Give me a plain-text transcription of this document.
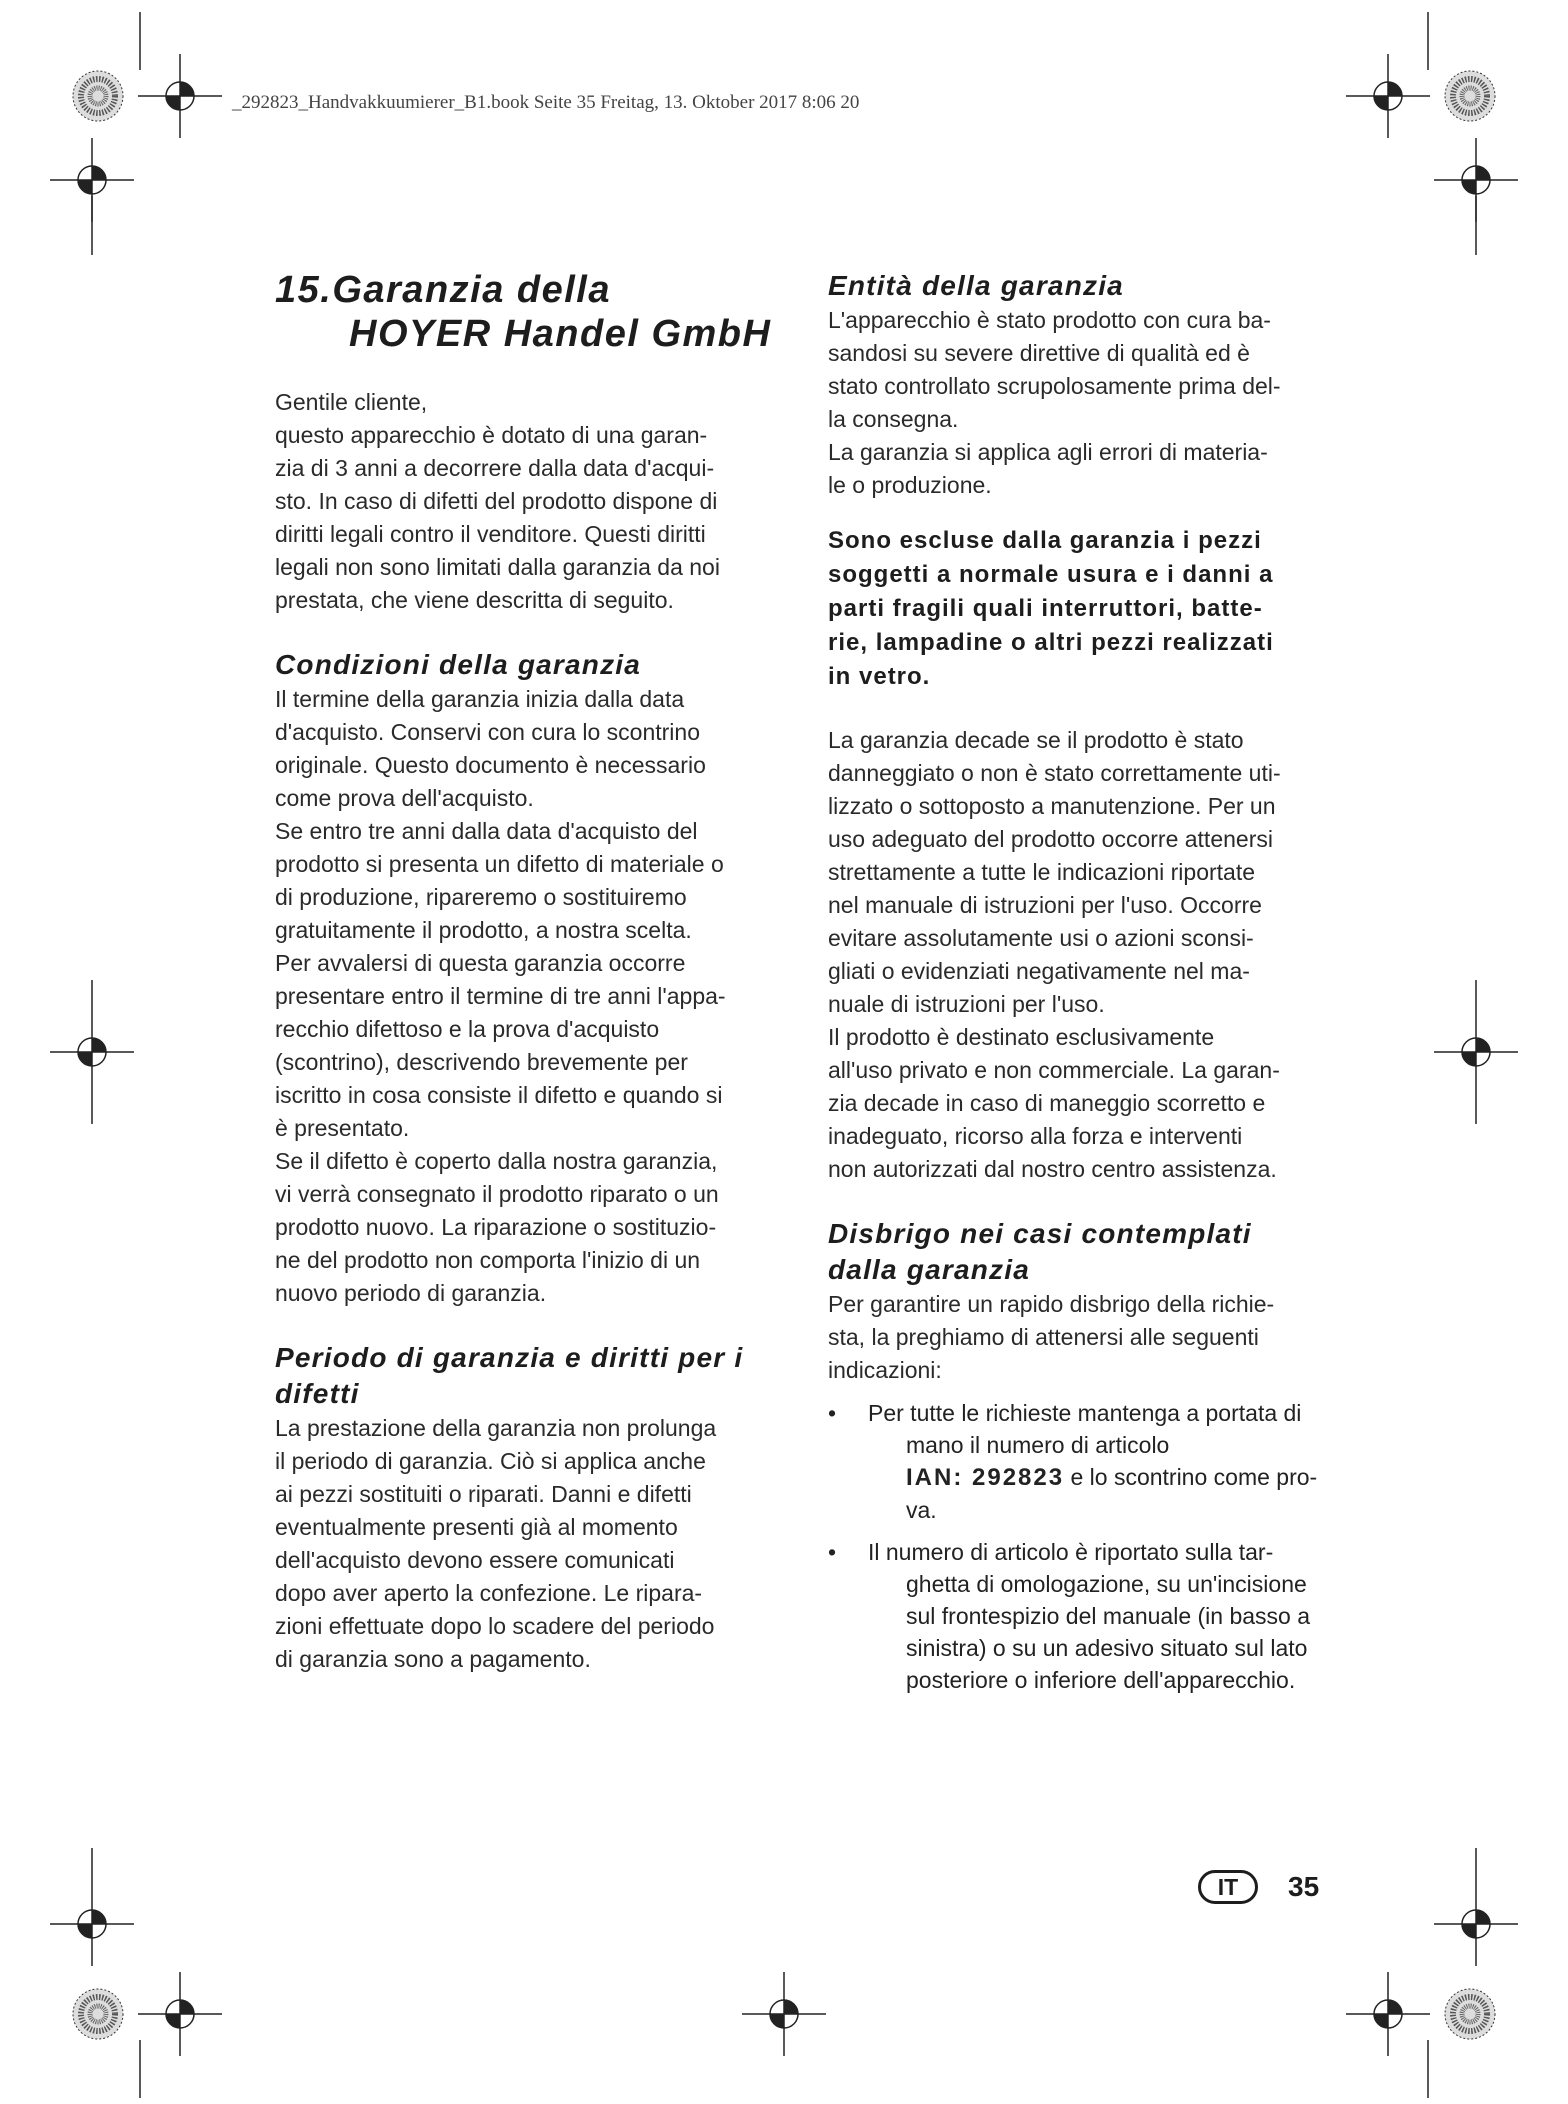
_292823_Handvakkuumierer_B1.book Seite 35 Freitag, 13. Oktober 2017 8:06 20
15.Garanzia della
HOYER Handel GmbH

Gentile cliente,

questo apparecchio è dotato di una garan-

zia di 3 anni a decorrere dalla data d'acqui-

sto. In caso di difetti del prodotto dispone di

diritti legali contro il venditore. Questi diritti

legali non sono limitati dalla garanzia da noi

prestata, che viene descritta di seguito.

Condizioni della garanzia

Il termine della garanzia inizia dalla data

d'acquisto. Conservi con cura lo scontrino

originale. Questo documento è necessario

come prova dell'acquisto.

Se entro tre anni dalla data d'acquisto del

prodotto si presenta un difetto di materiale o

di produzione, ripareremo o sostituiremo

gratuitamente il prodotto, a nostra scelta.

Per avvalersi di questa garanzia occorre

presentare entro il termine di tre anni l'appa-

recchio difettoso e la prova d'acquisto

(scontrino), descrivendo brevemente per

iscritto in cosa consiste il difetto e quando si

è presentato.

Se il difetto è coperto dalla nostra garanzia,

vi verrà consegnato il prodotto riparato o un

prodotto nuovo. La riparazione o sostituzio-

ne del prodotto non comporta l'inizio di un

nuovo periodo di garanzia.

Periodo di garanzia e diritti per i
difetti

La prestazione della garanzia non prolunga

il periodo di garanzia. Ciò si applica anche

ai pezzi sostituiti o riparati. Danni e difetti

eventualmente presenti già al momento

dell'acquisto devono essere comunicati

dopo aver aperto la confezione. Le ripara-

zioni effettuate dopo lo scadere del periodo

di garanzia sono a pagamento.

Entità della garanzia

L'apparecchio è stato prodotto con cura ba-

sandosi su severe direttive di qualità ed è

stato controllato scrupolosamente prima del-

la consegna.

La garanzia si applica agli errori di materia-

le o produzione.

Sono escluse dalla garanzia i pezzi

soggetti a normale usura e i danni a

parti fragili quali interruttori, batte-

rie, lampadine o altri pezzi realizzati

in vetro.

La garanzia decade se il prodotto è stato

danneggiato o non è stato correttamente uti-

lizzato o sottoposto a manutenzione. Per un

uso adeguato del prodotto occorre attenersi

strettamente a tutte le indicazioni riportate

nel manuale di istruzioni per l'uso. Occorre

evitare assolutamente usi o azioni sconsi-

gliati o evidenziati negativamente nel ma-

nuale di istruzioni per l'uso.

Il prodotto è destinato esclusivamente

all'uso privato e non commerciale. La garan-

zia decade in caso di maneggio scorretto e

inadeguato, ricorso alla forza e interventi

non autorizzati dal nostro centro assistenza.

Disbrigo nei casi contemplati
dalla garanzia

Per garantire un rapido disbrigo della richie-

sta, la preghiamo di attenersi alle seguenti

indicazioni:

•	Per tutte le richieste mantenga a portata di
mano il numero di articolo
IAN: 292823 e lo scontrino come pro-
va.
•	Il numero di articolo è riportato sulla tar-
ghetta di omologazione, su un'incisione
sul frontespizio del manuale (in basso a
sinistra) o su un adesivo situato sul lato
posteriore o inferiore dell'apparecchio.
IT	35
